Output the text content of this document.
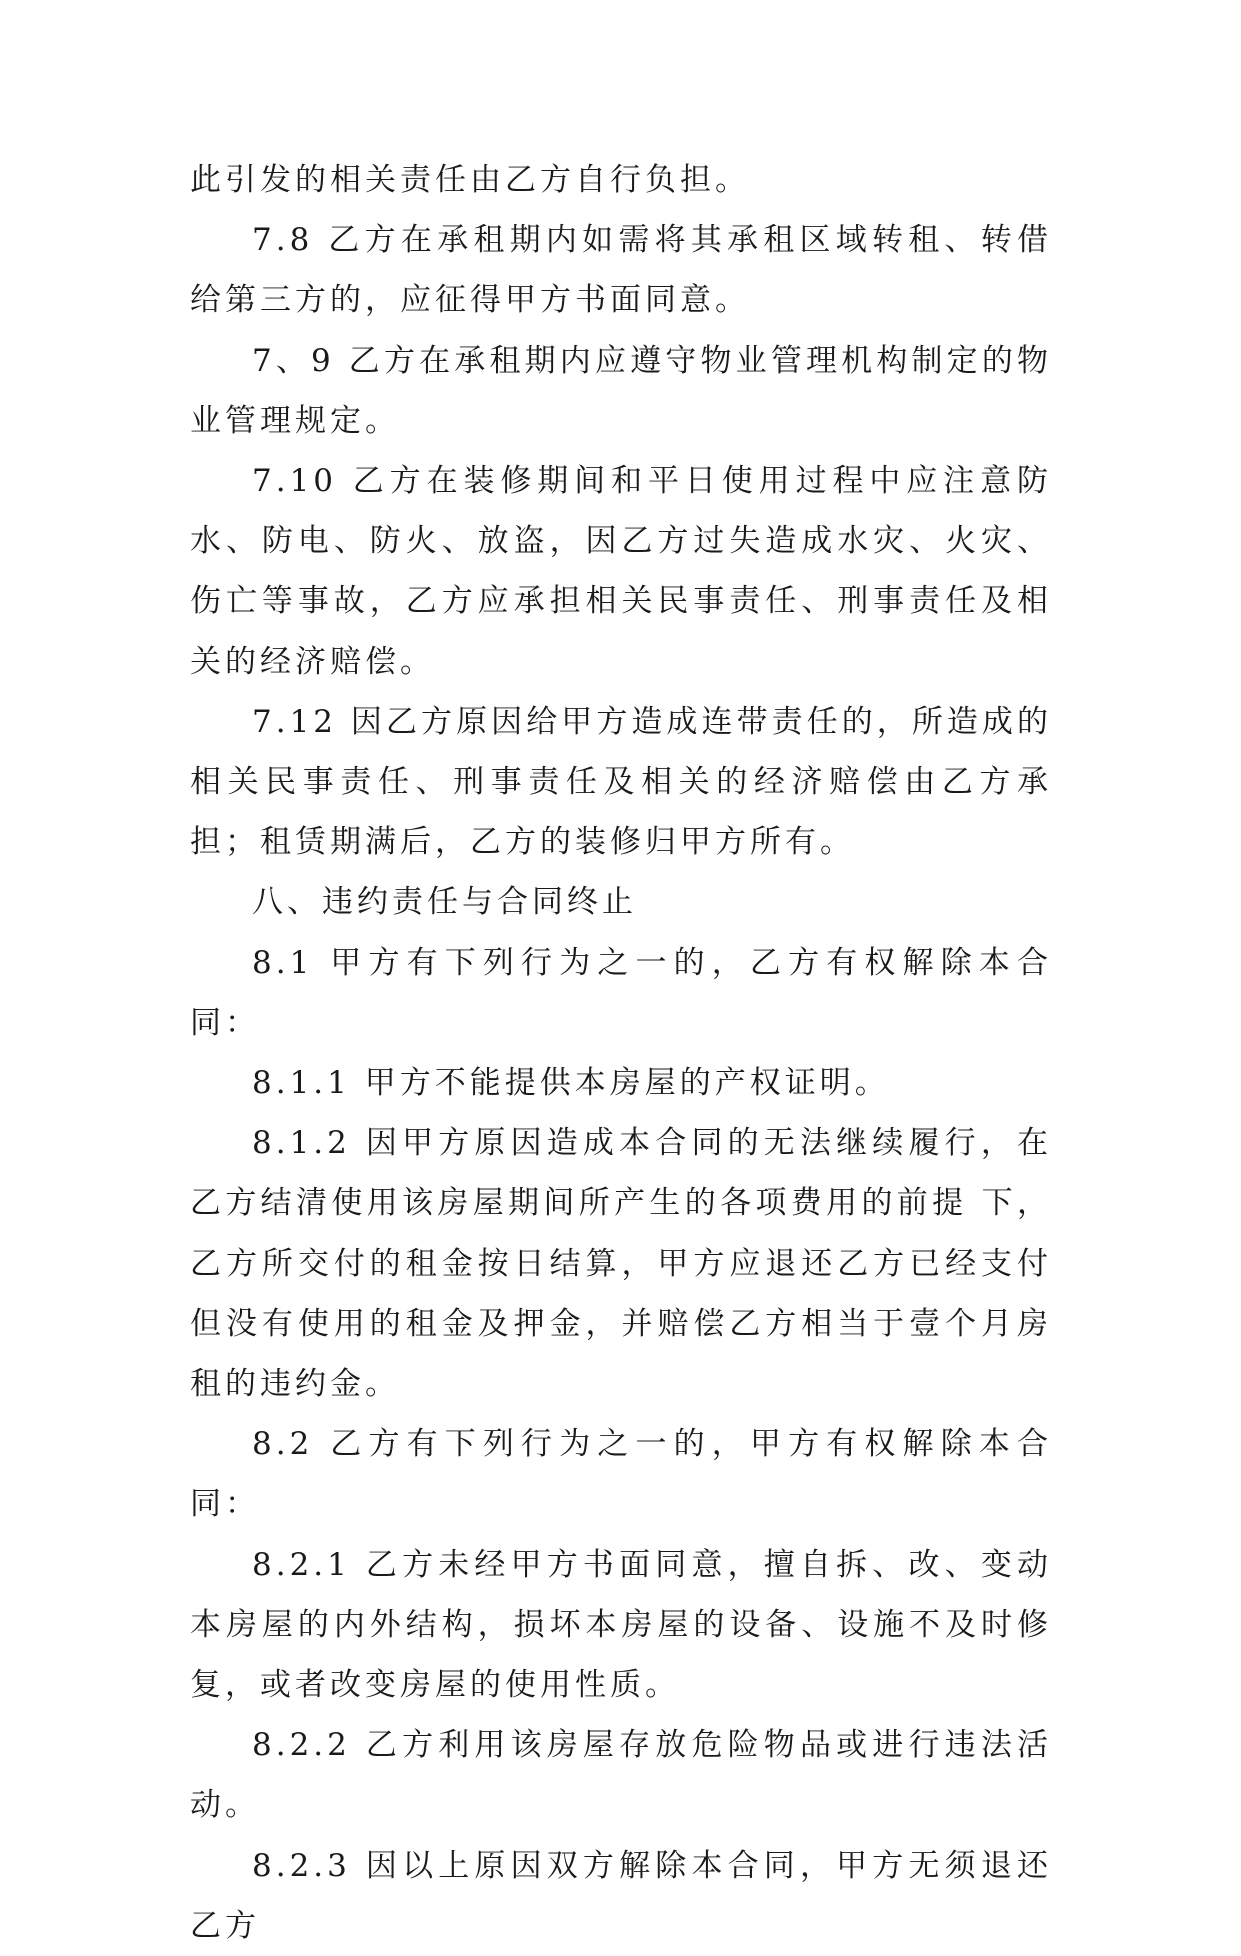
此引发的相关责任由乙方自行负担。

7.8 乙方在承租期内如需将其承租区域转租、转借给第三方的，应征得甲方书面同意。

7、9 乙方在承租期内应遵守物业管理机构制定的物业管理规定。

7.10 乙方在装修期间和平日使用过程中应注意防水、防电、防火、放盗，因乙方过失造成水灾、火灾、伤亡等事故，乙方应承担相关民事责任、刑事责任及相关的经济赔偿。

7.12 因乙方原因给甲方造成连带责任的，所造成的相关民事责任、刑事责任及相关的经济赔偿由乙方承担；租赁期满后，乙方的装修归甲方所有。

八、违约责任与合同终止

8.1 甲方有下列行为之一的，乙方有权解除本合同：

8.1.1 甲方不能提供本房屋的产权证明。

8.1.2 因甲方原因造成本合同的无法继续履行，在乙方结清使用该房屋期间所产生的各项费用的前提 下，乙方所交付的租金按日结算，甲方应退还乙方已经支付但没有使用的租金及押金，并赔偿乙方相当于壹个月房租的违约金。

8.2 乙方有下列行为之一的，甲方有权解除本合同：

8.2.1 乙方未经甲方书面同意，擅自拆、改、变动本房屋的内外结构，损坏本房屋的设备、设施不及时修复，或者改变房屋的使用性质。

8.2.2 乙方利用该房屋存放危险物品或进行违法活动。

8.2.3 因以上原因双方解除本合同，甲方无须退还乙方
